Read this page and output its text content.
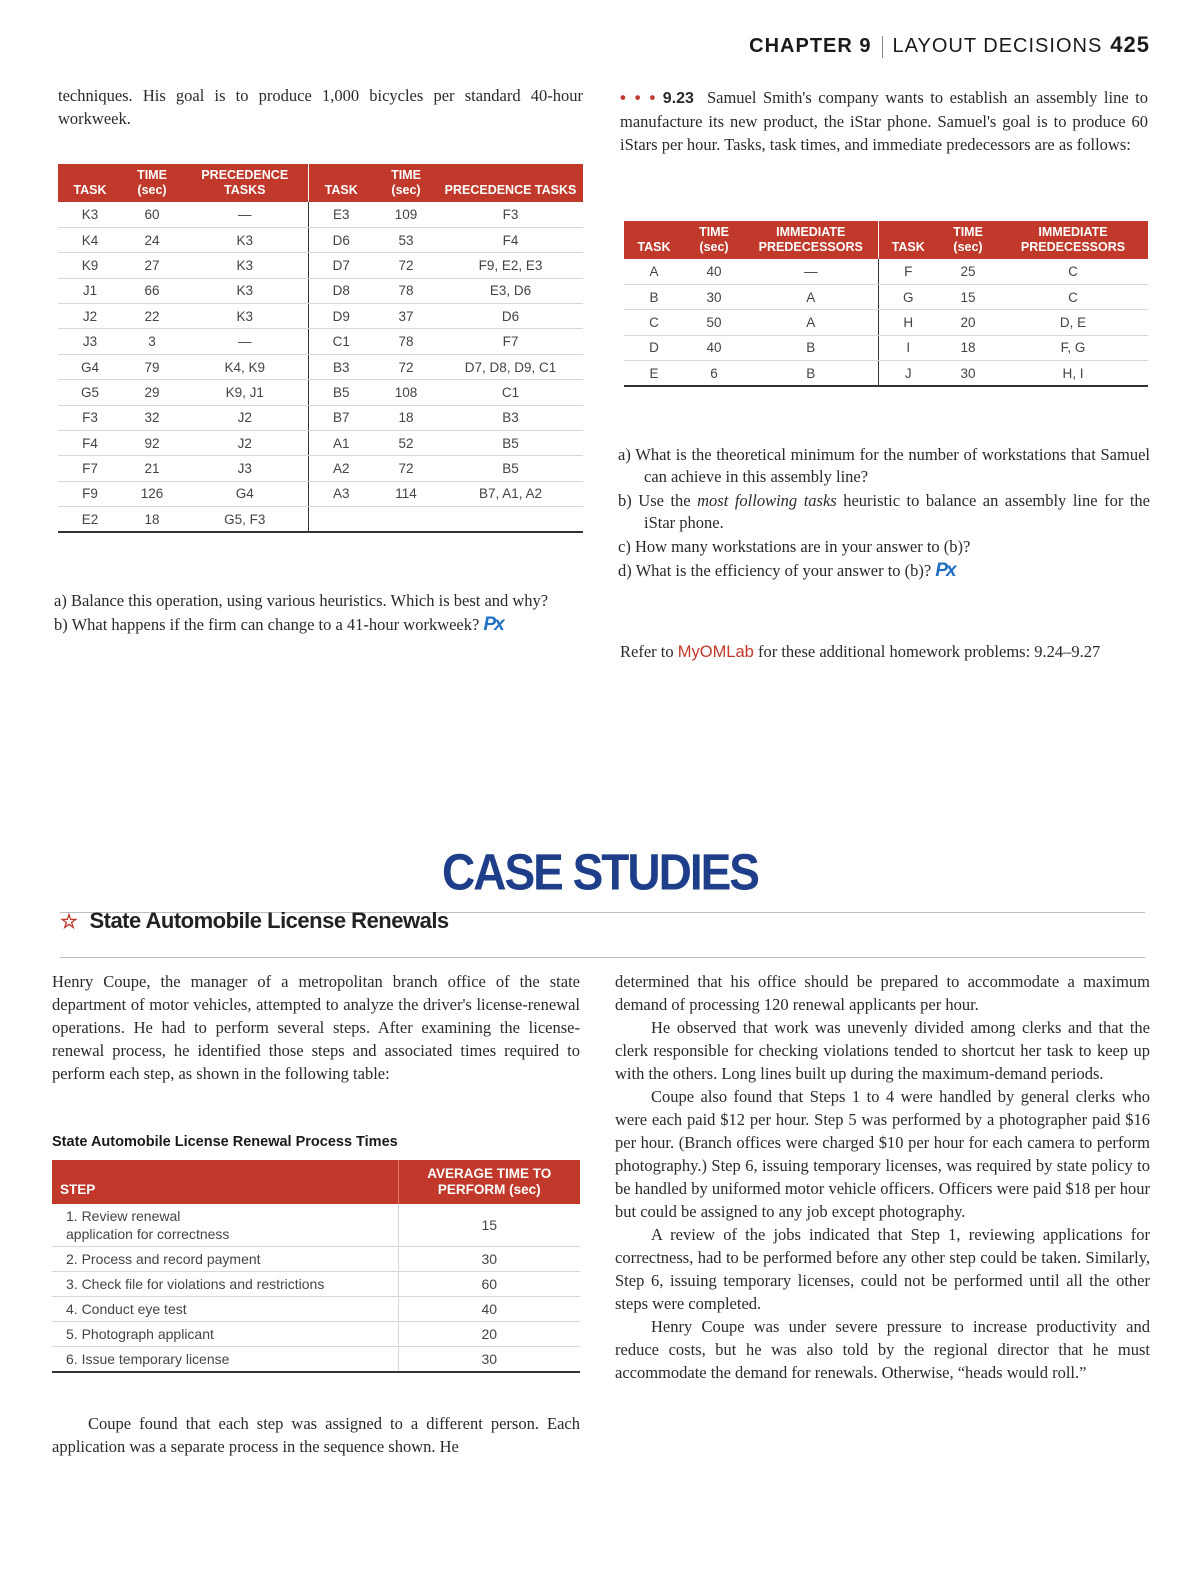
CHAPTER 9 LAYOUT DECISIONS 425

techniques. His goal is to produce 1,000 bicycles per standard 40-hour workweek.

TASK	TIME (sec)	PRECEDENCE TASKS	TASK	TIME (sec)	PRECEDENCE TASKS
K3	60	—	E3	109	F3
K4	24	K3	D6	53	F4
K9	27	K3	D7	72	F9, E2, E3
J1	66	K3	D8	78	E3, D6
J2	22	K3	D9	37	D6
J3	3	—	C1	78	F7
G4	79	K4, K9	B3	72	D7, D8, D9, C1
G5	29	K9, J1	B5	108	C1
F3	32	J2	B7	18	B3
F4	92	J2	A1	52	B5
F7	21	J3	A2	72	B5
F9	126	G4	A3	114	B7, A1, A2
E2	18	G5, F3			
a) Balance this operation, using various heuristics. Which is best and why?
b) What happens if the firm can change to a 41-hour workweek? Px

• • • 9.23 Samuel Smith's company wants to establish an assembly line to manufacture its new product, the iStar phone. Samuel's goal is to produce 60 iStars per hour. Tasks, task times, and immediate predecessors are as follows:

TASK	TIME (sec)	IMMEDIATE PREDECESSORS	TASK	TIME (sec)	IMMEDIATE PREDECESSORS
A	40	—	F	25	C
B	30	A	G	15	C
C	50	A	H	20	D, E
D	40	B	I	18	F, G
E	6	B	J	30	H, I
a) What is the theoretical minimum for the number of workstations that Samuel can achieve in this assembly line?
b) Use the most following tasks heuristic to balance an assembly line for the iStar phone.
c) How many workstations are in your answer to (b)?
d) What is the efficiency of your answer to (b)? Px

Refer to MyOMLab for these additional homework problems: 9.24–9.27

CASE STUDIES
☆ State Automobile License Renewals

Henry Coupe, the manager of a metropolitan branch office of the state department of motor vehicles, attempted to analyze the driver's license-renewal operations. He had to perform several steps. After examining the license-renewal process, he identified those steps and associated times required to perform each step, as shown in the following table:

State Automobile License Renewal Process Times
STEP	AVERAGE TIME TO PERFORM (sec)
1. Review renewal application for correctness	15
2. Process and record payment	30
3. Check file for violations and restrictions	60
4. Conduct eye test	40
5. Photograph applicant	20
6. Issue temporary license	30

Coupe found that each step was assigned to a different person. Each application was a separate process in the sequence shown. He

determined that his office should be prepared to accommodate a maximum demand of processing 120 renewal applicants per hour.

He observed that work was unevenly divided among clerks and that the clerk responsible for checking violations tended to shortcut her task to keep up with the others. Long lines built up during the maximum-demand periods.

Coupe also found that Steps 1 to 4 were handled by general clerks who were each paid $12 per hour. Step 5 was performed by a photographer paid $16 per hour. (Branch offices were charged $10 per hour for each camera to perform photography.) Step 6, issuing temporary licenses, was required by state policy to be handled by uniformed motor vehicle officers. Officers were paid $18 per hour but could be assigned to any job except photography.

A review of the jobs indicated that Step 1, reviewing applications for correctness, had to be performed before any other step could be taken. Similarly, Step 6, issuing temporary licenses, could not be performed until all the other steps were completed.

Henry Coupe was under severe pressure to increase productivity and reduce costs, but he was also told by the regional director that he must accommodate the demand for renewals. Otherwise, “heads would roll.”
